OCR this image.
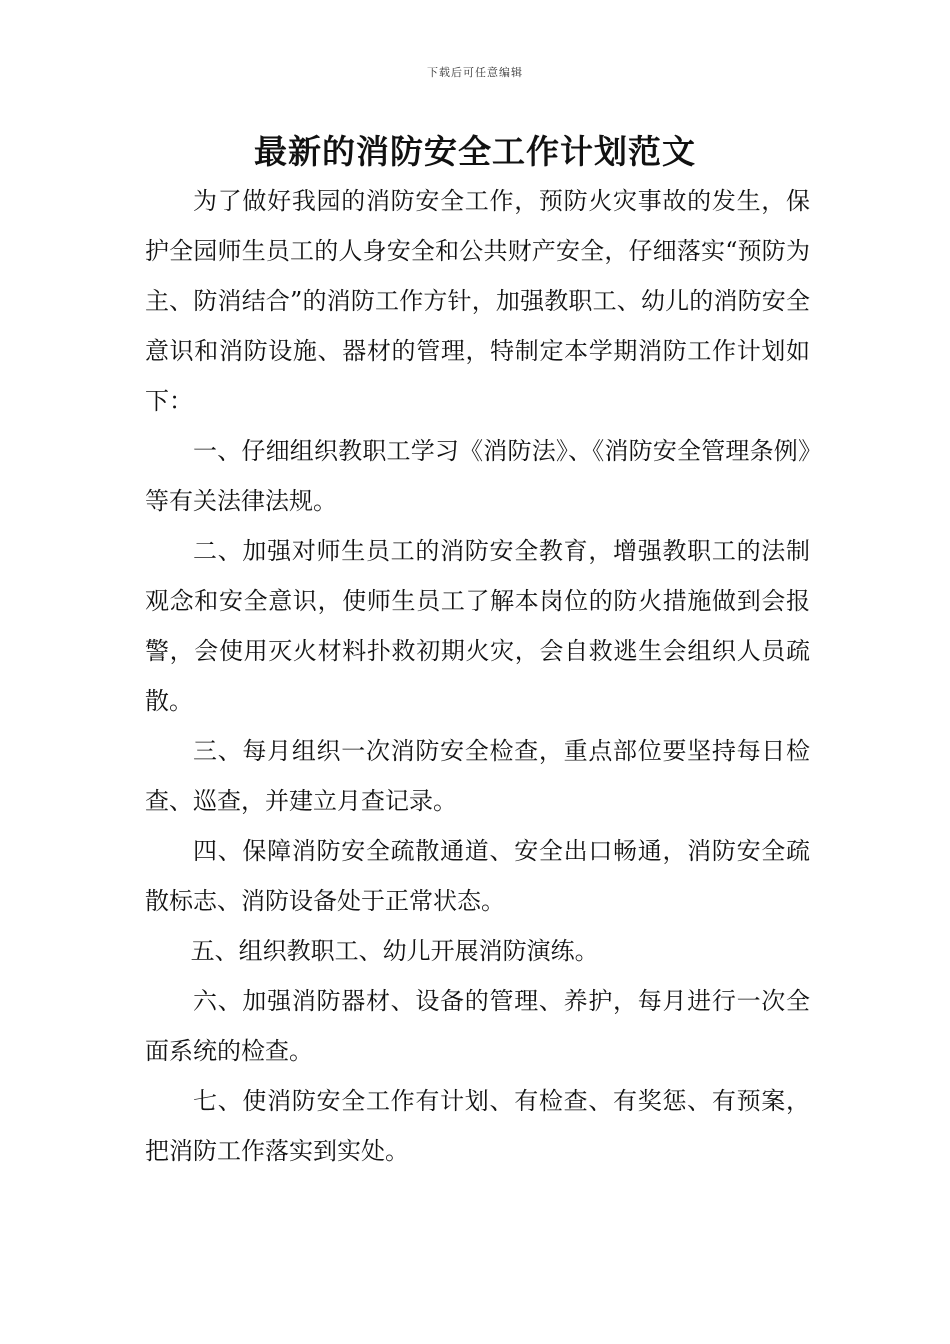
下载后可任意编辑
最新的消防安全工作计划范文

为了做好我园的消防安全工作，预防火灾事故的发生，保护全园师生员工的人身安全和公共财产安全，仔细落实“预防为主、防消结合”的消防工作方针，加强教职工、幼儿的消防安全意识和消防设施、器材的管理，特制定本学期消防工作计划如下：

一、仔细组织教职工学习《消防法》、《消防安全管理条例》等有关法律法规。

二、加强对师生员工的消防安全教育，增强教职工的法制观念和安全意识，使师生员工了解本岗位的防火措施做到会报警，会使用灭火材料扑救初期火灾，会自救逃生会组织人员疏散。

三、每月组织一次消防安全检查，重点部位要坚持每日检查、巡查，并建立月查记录。

四、保障消防安全疏散通道、安全出口畅通，消防安全疏散标志、消防设备处于正常状态。

五、组织教职工、幼儿开展消防演练。

六、加强消防器材、设备的管理、养护，每月进行一次全面系统的检查。

七、使消防安全工作有计划、有检查、有奖惩、有预案，把消防工作落实到实处。
